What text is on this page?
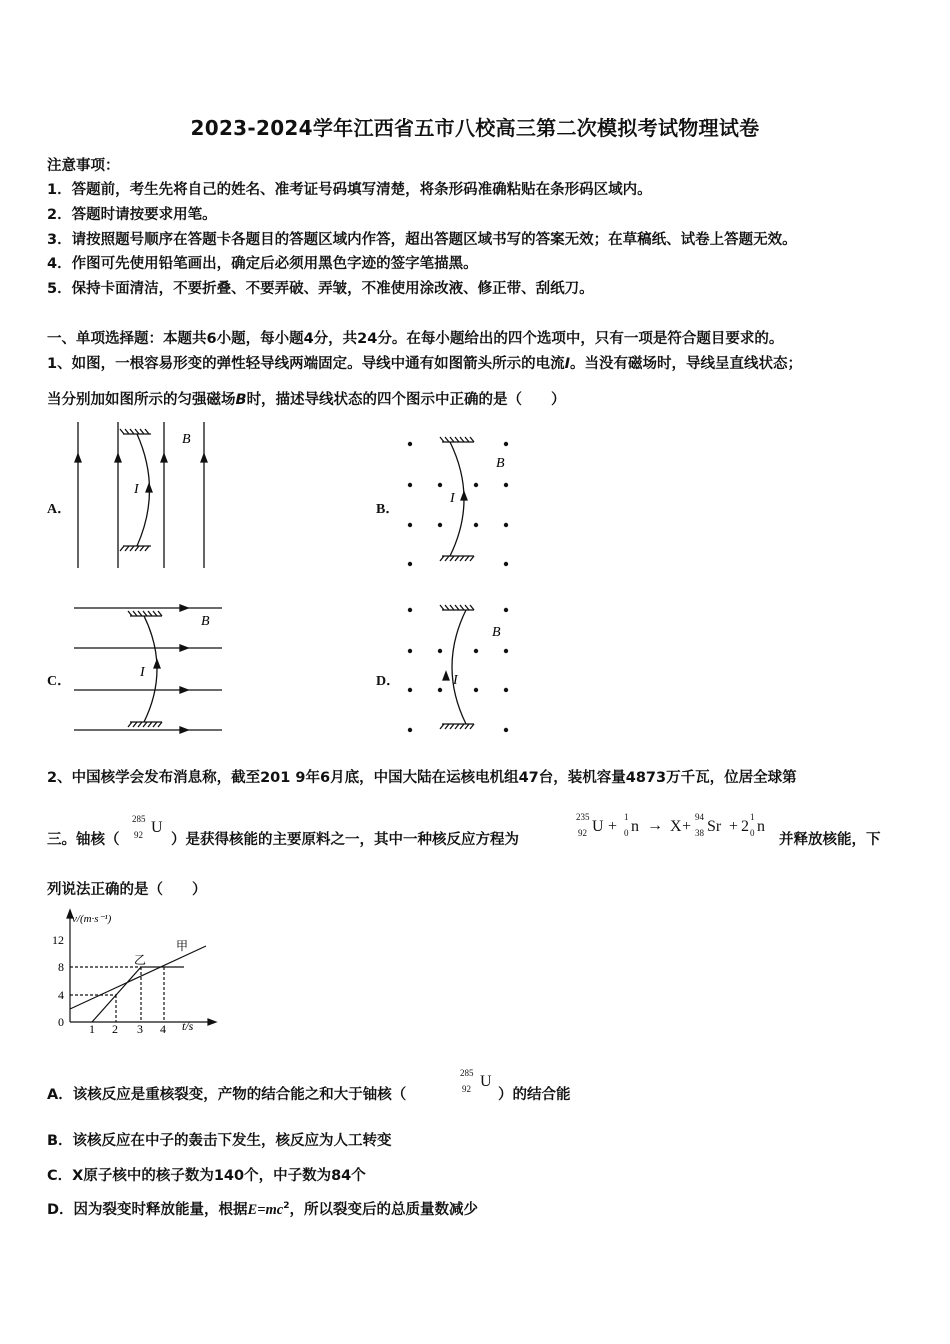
2023-2024学年江西省五市八校高三第二次模拟考试物理试卷
注意事项：
1．答题前，考生先将自己的姓名、准考证号码填写清楚，将条形码准确粘贴在条形码区域内。
2．答题时请按要求用笔。
3．请按照题号顺序在答题卡各题目的答题区域内作答，超出答题区域书写的答案无效；在草稿纸、试卷上答题无效。
4．作图可先使用铅笔画出，确定后必须用黑色字迹的签字笔描黑。
5．保持卡面清洁，不要折叠、不要弄破、弄皱，不准使用涂改液、修正带、刮纸刀。
一、单项选择题：本题共6小题，每小题4分，共24分。在每小题给出的四个选项中，只有一项是符合题目要求的。
1、如图，一根容易形变的弹性轻导线两端固定。导线中通有如图箭头所示的电流I。当没有磁场时，导线呈直线状态；
当分别加如图所示的匀强磁场B时，描述导线状态的四个图示中正确的是（　　）
A．	B．
C．	D．
I
B
I
B
I
B
I
B
2、中国核学会发布消息称，截至201 9年6月底，中国大陆在运核电机组47台，装机容量4873万千瓦，位居全球第
三。铀核（
285
92 U
）是获得核能的主要原料之一，其中一种核反应方程为
235
92 U +
1
0 n → X +
94
38 Sr + 2
1
0 n
并释放核能，下
列说法正确的是（　　）
v/(m·s⁻¹)
t/s
12
8
4
0 1 2 3 4
甲
乙
A．该核反应是重核裂变，产物的结合能之和大于铀核（
285
92 U
）的结合能
B．该核反应在中子的轰击下发生，核反应为人工转变
C．X原子核中的核子数为140个，中子数为84个
D．因为裂变时释放能量，根据$E=mc^2$，所以裂变后的总质量数减少
